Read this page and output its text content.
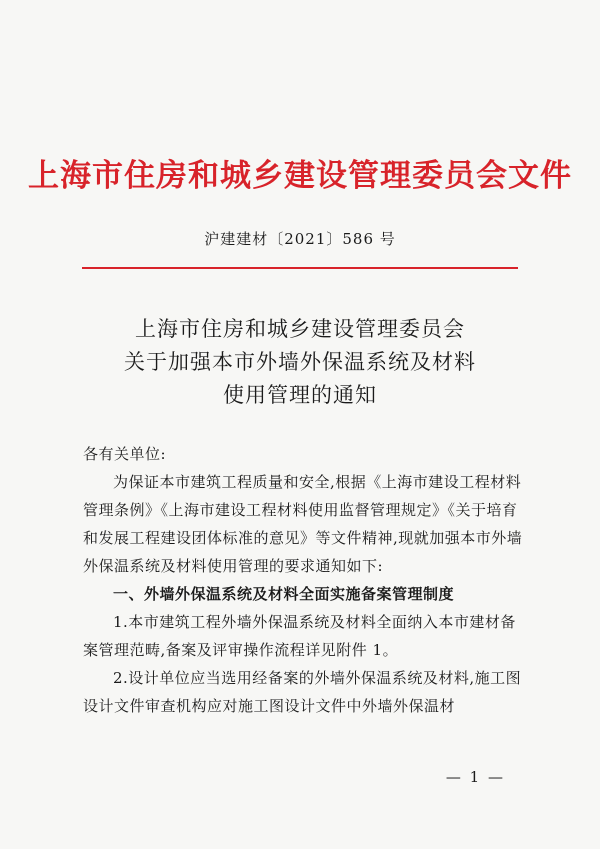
上海市住房和城乡建设管理委员会文件
沪建建材〔2021〕586 号
上海市住房和城乡建设管理委员会
关于加强本市外墙外保温系统及材料
使用管理的通知

各有关单位:

为保证本市建筑工程质量和安全,根据《上海市建设工程材料管理条例》《上海市建设工程材料使用监督管理规定》《关于培育和发展工程建设团体标准的意见》等文件精神,现就加强本市外墙外保温系统及材料使用管理的要求通知如下:

一、外墙外保温系统及材料全面实施备案管理制度

1.本市建筑工程外墙外保温系统及材料全面纳入本市建材备案管理范畴,备案及评审操作流程详见附件 1。

2.设计单位应当选用经备案的外墙外保温系统及材料,施工图设计文件审查机构应对施工图设计文件中外墙外保温材

— 1 —
